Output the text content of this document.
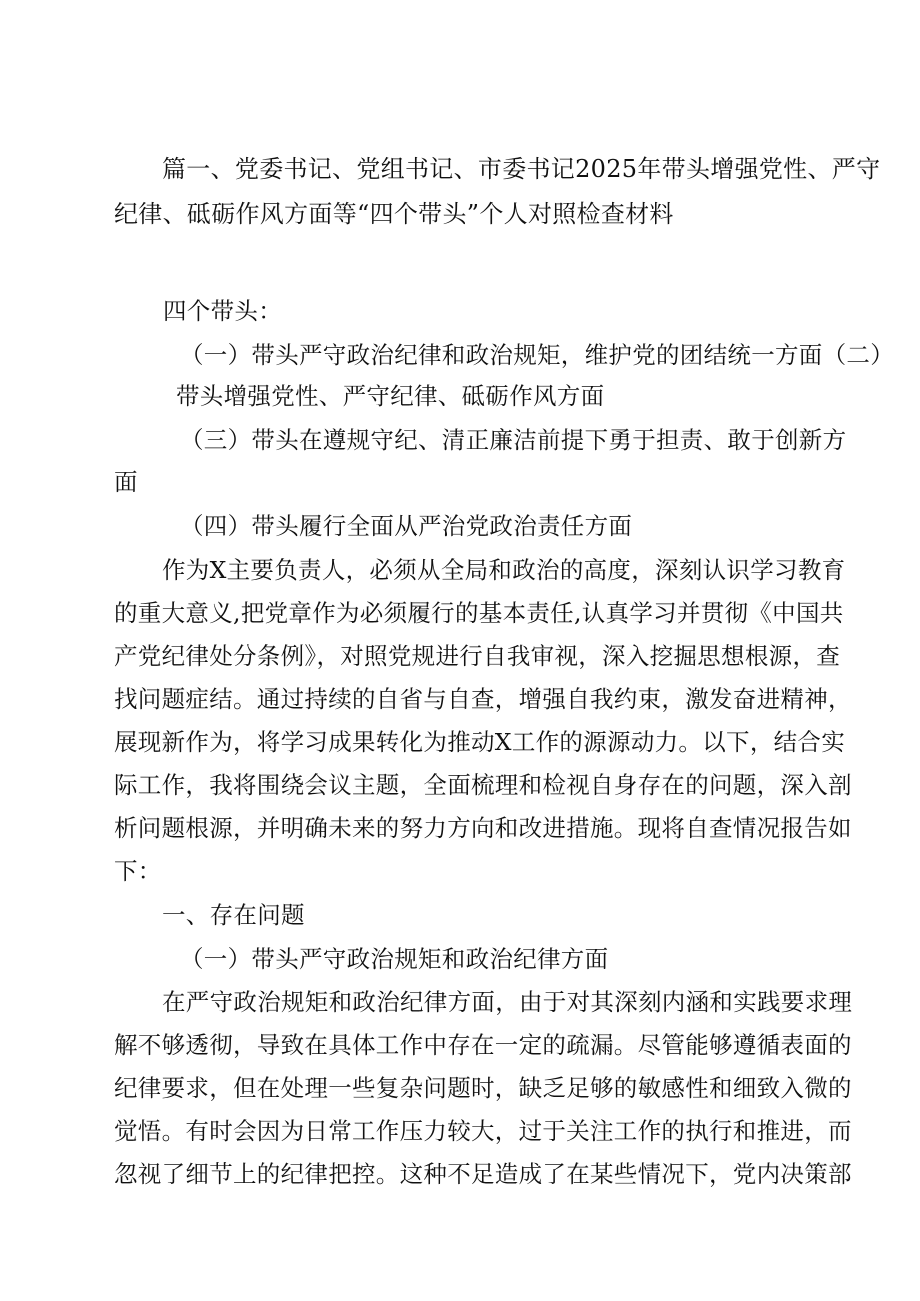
篇一、党委书记、党组书记、市委书记2025年带头增强党性、严守

纪律、砥砺作风方面等“四个带头”个人对照检查材料

四个带头：

（一）带头严守政治纪律和政治规矩，维护党的团结统一方面（二）

带头增强党性、严守纪律、砥砺作风方面

（三）带头在遵规守纪、清正廉洁前提下勇于担责、敢于创新方

面

（四）带头履行全面从严治党政治责任方面

作为X主要负责人，必须从全局和政治的高度，深刻认识学习教育

的重大意义,把党章作为必须履行的基本责任,认真学习并贯彻《中国共

产党纪律处分条例》，对照党规进行自我审视，深入挖掘思想根源，查

找问题症结。通过持续的自省与自查，增强自我约束，激发奋进精神，

展现新作为，将学习成果转化为推动X工作的源源动力。以下，结合实

际工作，我将围绕会议主题，全面梳理和检视自身存在的问题，深入剖

析问题根源，并明确未来的努力方向和改进措施。现将自查情况报告如

下：

一、存在问题

（一）带头严守政治规矩和政治纪律方面

在严守政治规矩和政治纪律方面，由于对其深刻内涵和实践要求理

解不够透彻，导致在具体工作中存在一定的疏漏。尽管能够遵循表面的

纪律要求，但在处理一些复杂问题时，缺乏足够的敏感性和细致入微的

觉悟。有时会因为日常工作压力较大，过于关注工作的执行和推进，而

忽视了细节上的纪律把控。这种不足造成了在某些情况下，党内决策部
